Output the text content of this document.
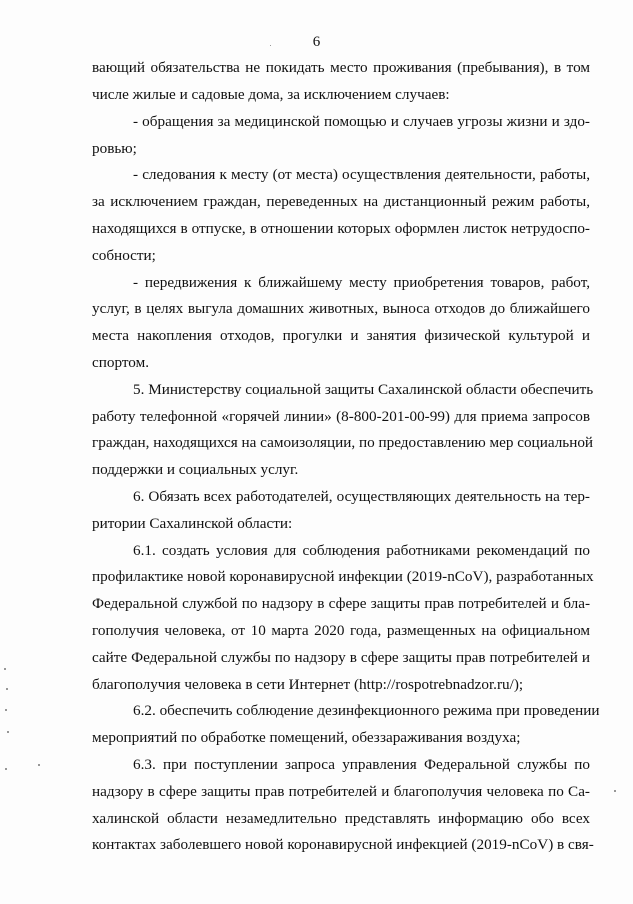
6
вающий обязательства не покидать место проживания (пребывания), в том
числе жилые и садовые дома, за исключением случаев:
- обращения за медицинской помощью и случаев угрозы жизни и здо-
ровью;
- следования к месту (от места) осуществления деятельности, работы,
за исключением граждан, переведенных на дистанционный режим работы,
находящихся в отпуске, в отношении которых оформлен листок нетрудоспо-
собности;
- передвижения к ближайшему месту приобретения товаров, работ,
услуг, в целях выгула домашних животных, выноса отходов до ближайшего
места накопления отходов, прогулки и занятия физической культурой и
спортом.
5. Министерству социальной защиты Сахалинской области обеспечить
работу телефонной «горячей линии» (8-800-201-00-99) для приема запросов
граждан, находящихся на самоизоляции, по предоставлению мер социальной
поддержки и социальных услуг.
6. Обязать всех работодателей, осуществляющих деятельность на тер-
ритории Сахалинской области:
6.1. создать условия для соблюдения работниками рекомендаций по
профилактике новой коронавирусной инфекции (2019-nCoV), разработанных
Федеральной службой по надзору в сфере защиты прав потребителей и бла-
гополучия человека, от 10 марта 2020 года, размещенных на официальном
сайте Федеральной службы по надзору в сфере защиты прав потребителей и
благополучия человека в сети Интернет (http://rospotrebnadzor.ru/);
6.2. обеспечить соблюдение дезинфекционного режима при проведении
мероприятий по обработке помещений, обеззараживания воздуха;
6.3. при поступлении запроса управления Федеральной службы по
надзору в сфере защиты прав потребителей и благополучия человека по Са-
халинской области незамедлительно представлять информацию обо всех
контактах заболевшего новой коронавирусной инфекцией (2019-nCoV) в свя-
